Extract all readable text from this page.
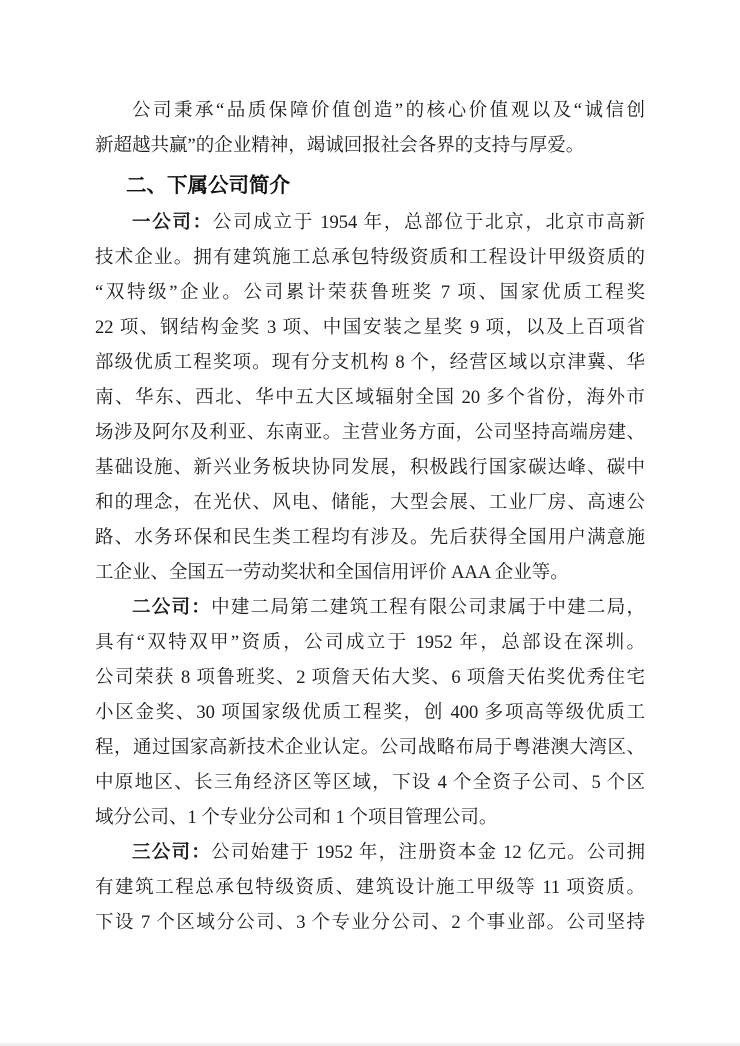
公司秉承“品质保障价值创造”的核心价值观以及“诚信创
新超越共赢”的企业精神，竭诚回报社会各界的支持与厚爱。
二、下属公司简介
一公司：公司成立于 1954 年，总部位于北京，北京市高新
技术企业。拥有建筑施工总承包特级资质和工程设计甲级资质的
“双特级”企业。公司累计荣获鲁班奖 7 项、国家优质工程奖
22 项、钢结构金奖 3 项、中国安装之星奖 9 项，以及上百项省
部级优质工程奖项。现有分支机构 8 个，经营区域以京津冀、华
南、华东、西北、华中五大区域辐射全国 20 多个省份，海外市
场涉及阿尔及利亚、东南亚。主营业务方面，公司坚持高端房建、
基础设施、新兴业务板块协同发展，积极践行国家碳达峰、碳中
和的理念，在光伏、风电、储能，大型会展、工业厂房、高速公
路、水务环保和民生类工程均有涉及。先后获得全国用户满意施
工企业、全国五一劳动奖状和全国信用评价 AAA 企业等。
二公司：中建二局第二建筑工程有限公司隶属于中建二局，
具有“双特双甲”资质，公司成立于 1952 年，总部设在深圳。
公司荣获 8 项鲁班奖、2 项詹天佑大奖、6 项詹天佑奖优秀住宅
小区金奖、30 项国家级优质工程奖，创 400 多项高等级优质工
程，通过国家高新技术企业认定。公司战略布局于粤港澳大湾区、
中原地区、长三角经济区等区域，下设 4 个全资子公司、5 个区
域分公司、1 个专业分公司和 1 个项目管理公司。
三公司：公司始建于 1952 年，注册资本金 12 亿元。公司拥
有建筑工程总承包特级资质、建筑设计施工甲级等 11 项资质。
下设 7 个区域分公司、3 个专业分公司、2 个事业部。公司坚持
